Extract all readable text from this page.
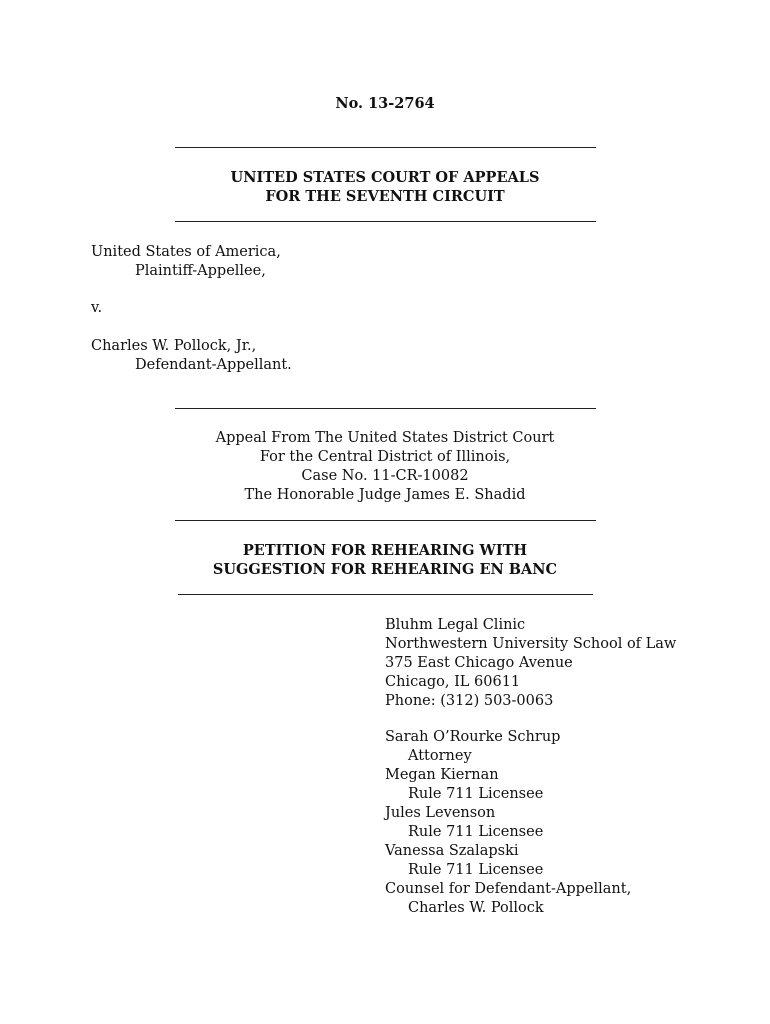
No. 13-2764
UNITED STATES COURT OF APPEALS
FOR THE SEVENTH CIRCUIT
United States of America,
Plaintiff-Appellee,
v.
Charles W. Pollock, Jr.,
Defendant-Appellant.
Appeal From The United States District Court
For the Central District of Illinois,
Case No. 11-CR-10082
The Honorable Judge James E. Shadid
PETITION FOR REHEARING WITH
SUGGESTION FOR REHEARING EN BANC
Bluhm Legal Clinic
Northwestern University School of Law
375 East Chicago Avenue
Chicago, IL 60611
Phone: (312) 503-0063
Sarah O’Rourke Schrup
Attorney
Megan Kiernan
Rule 711 Licensee
Jules Levenson
Rule 711 Licensee
Vanessa Szalapski
Rule 711 Licensee
Counsel for Defendant-Appellant,
Charles W. Pollock
